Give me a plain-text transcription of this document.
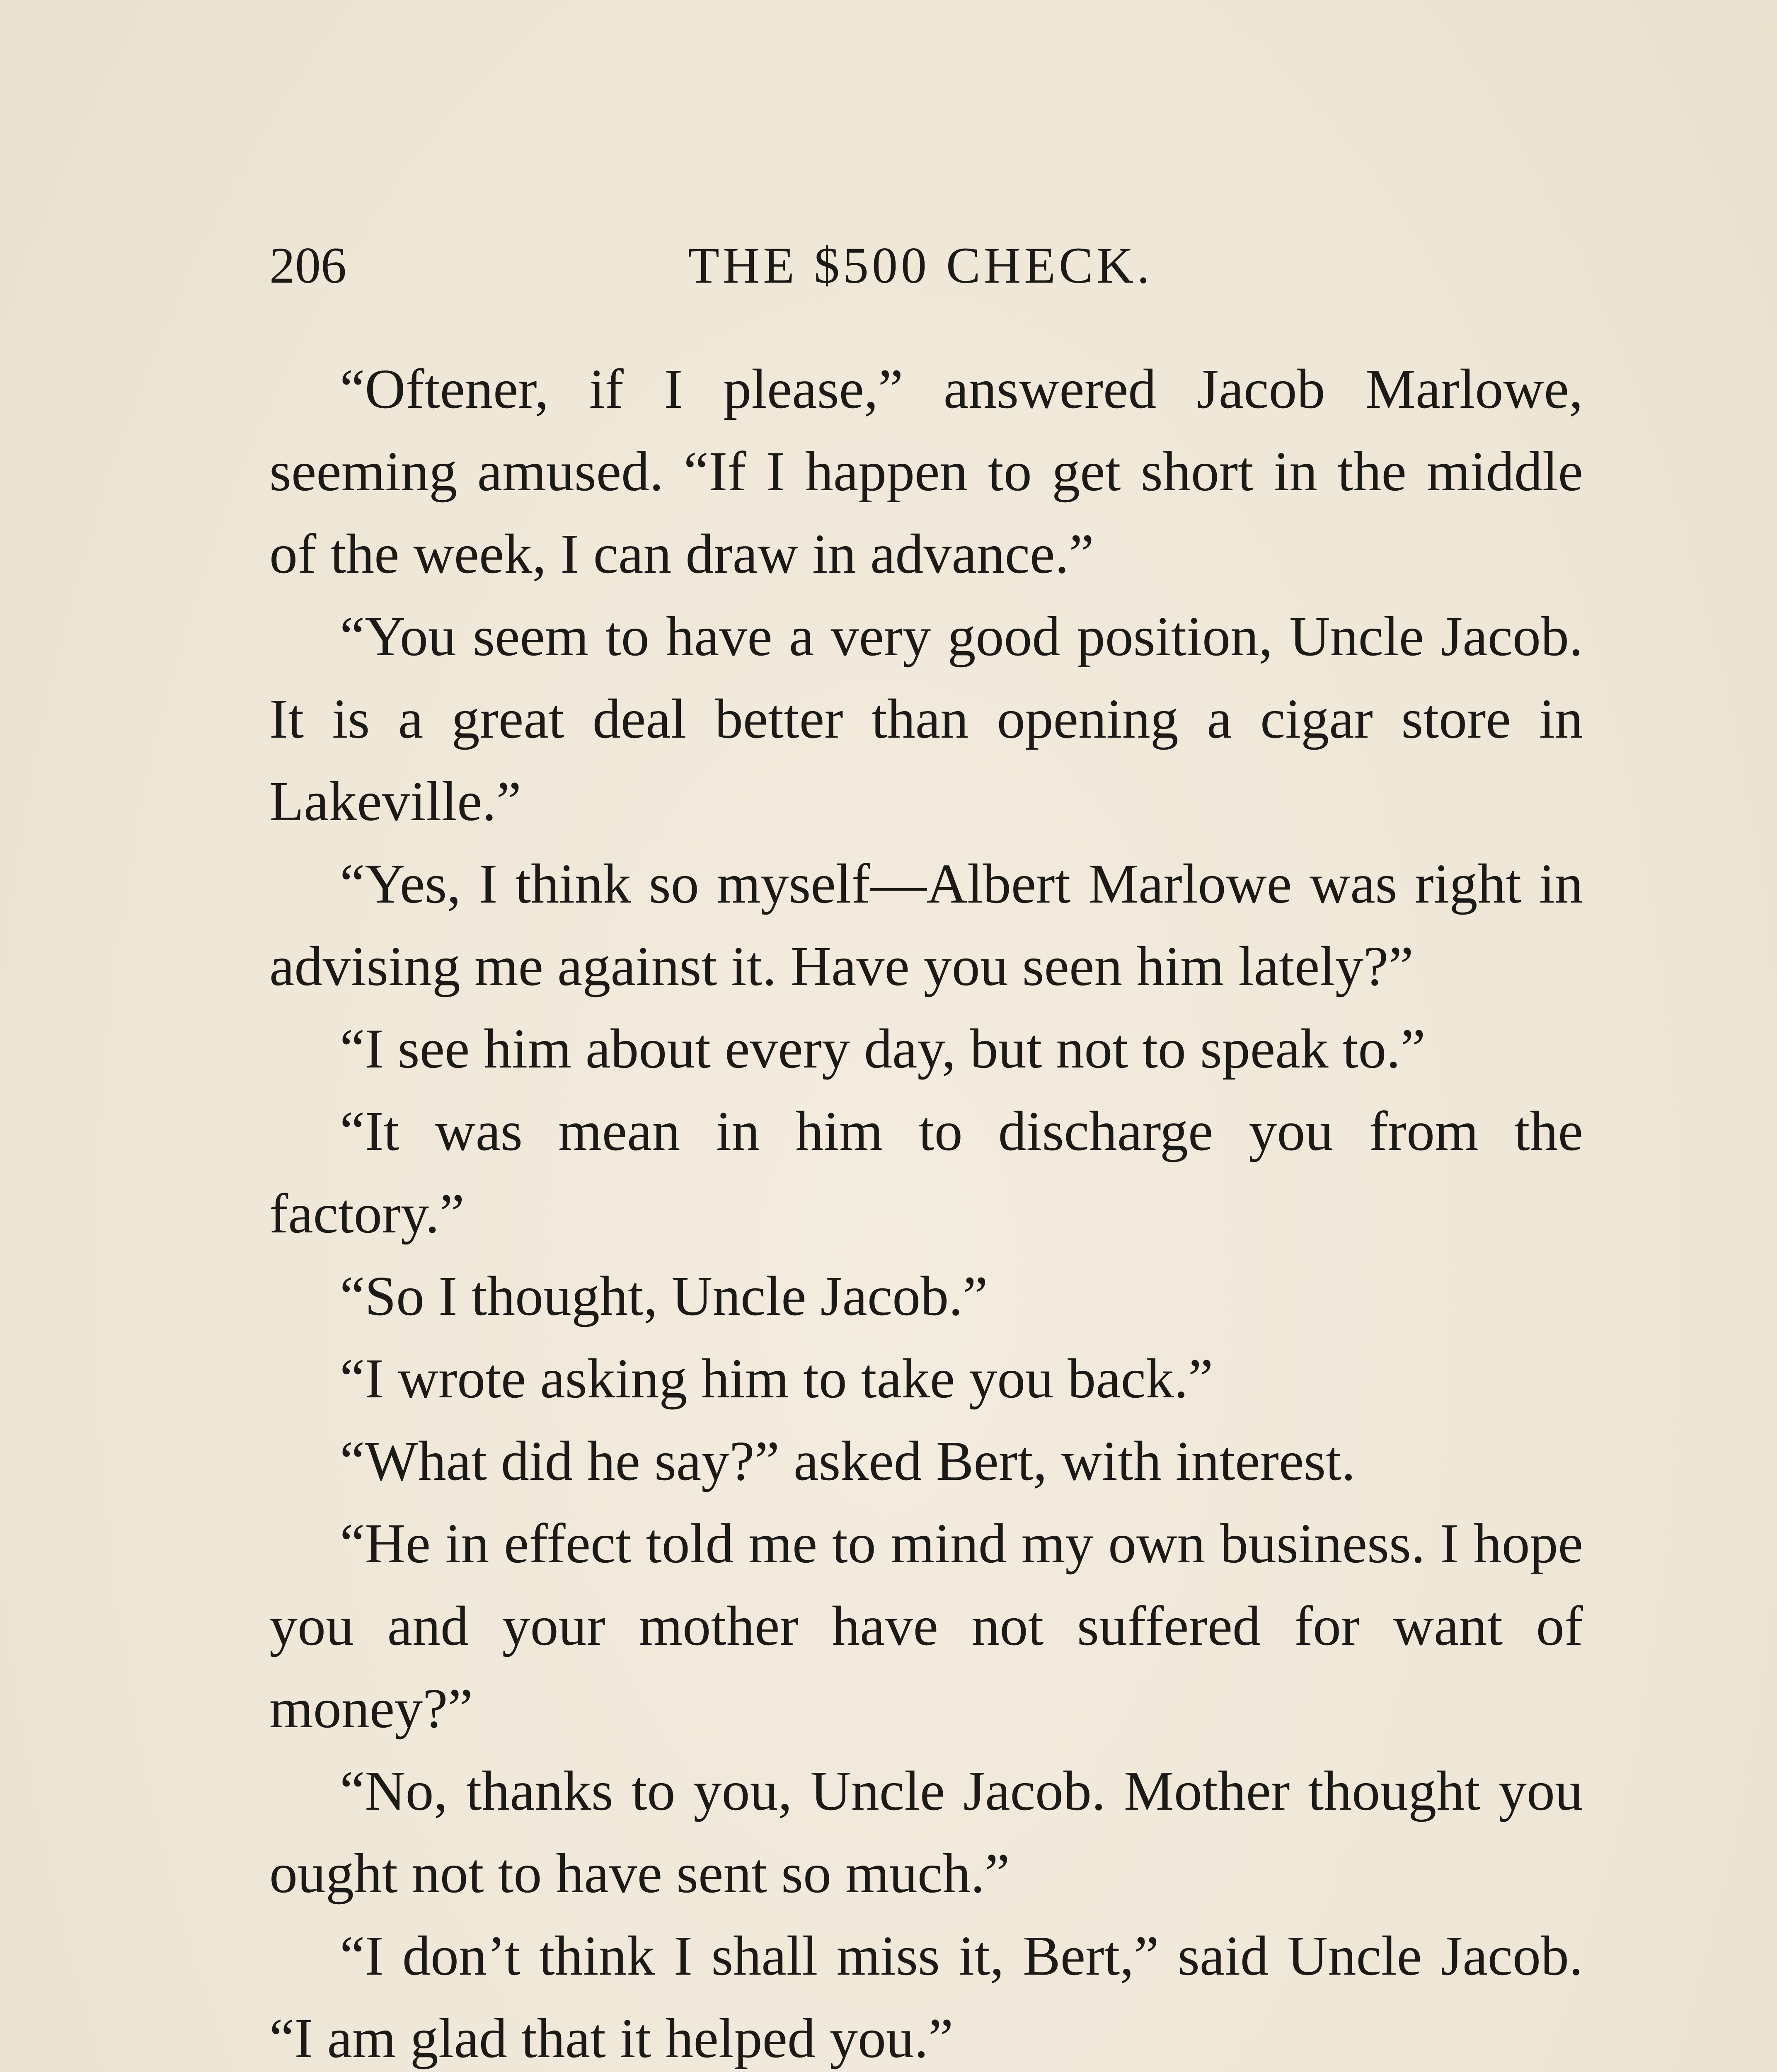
206	THE $500 CHECK.

“Oftener, if I please,” answered Jacob Marlowe, seeming amused. “If I happen to get short in the middle of the week, I can draw in advance.”

“You seem to have a very good position, Uncle Jacob. It is a great deal better than opening a cigar store in Lakeville.”

“Yes, I think so myself—Albert Marlowe was right in advising me against it. Have you seen him lately?”

“I see him about every day, but not to speak to.”

“It was mean in him to discharge you from the factory.”

“So I thought, Uncle Jacob.”

“I wrote asking him to take you back.”

“What did he say?” asked Bert, with interest.

“He in effect told me to mind my own business. I hope you and your mother have not suffered for want of money?”

“No, thanks to you, Uncle Jacob. Mother thought you ought not to have sent so much.”

“I don’t think I shall miss it, Bert,” said Uncle Jacob. “I am glad that it helped you.”
